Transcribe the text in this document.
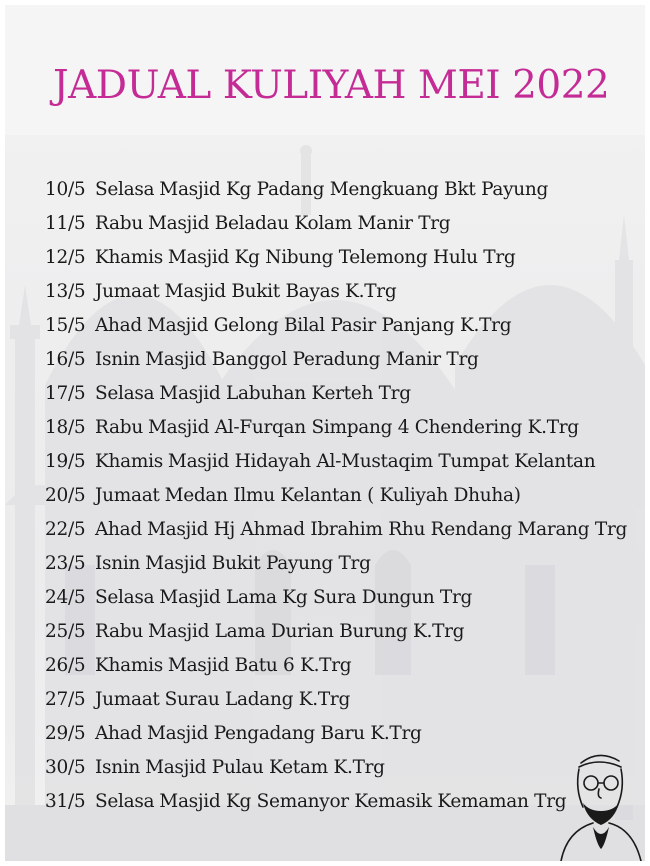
JADUAL KULIYAH MEI 2022
10/5 Selasa Masjid Kg Padang Mengkuang Bkt Payung
11/5 Rabu Masjid Beladau Kolam Manir Trg
12/5 Khamis Masjid Kg Nibung Telemong Hulu Trg
13/5 Jumaat Masjid Bukit Bayas K.Trg
15/5 Ahad Masjid Gelong Bilal Pasir Panjang K.Trg
16/5 Isnin Masjid Banggol Peradung Manir Trg
17/5 Selasa Masjid Labuhan Kerteh Trg
18/5 Rabu Masjid Al-Furqan Simpang 4 Chendering K.Trg
19/5 Khamis Masjid Hidayah Al-Mustaqim Tumpat Kelantan
20/5 Jumaat Medan Ilmu Kelantan ( Kuliyah Dhuha)
22/5 Ahad Masjid Hj Ahmad Ibrahim Rhu Rendang Marang Trg
23/5 Isnin Masjid Bukit Payung Trg
24/5 Selasa Masjid Lama Kg Sura Dungun Trg
25/5 Rabu Masjid Lama Durian Burung K.Trg
26/5 Khamis Masjid Batu 6 K.Trg
27/5 Jumaat Surau Ladang K.Trg
29/5 Ahad Masjid Pengadang Baru K.Trg
30/5 Isnin Masjid Pulau Ketam K.Trg
31/5 Selasa Masjid Kg Semanyor Kemasik Kemaman Trg
